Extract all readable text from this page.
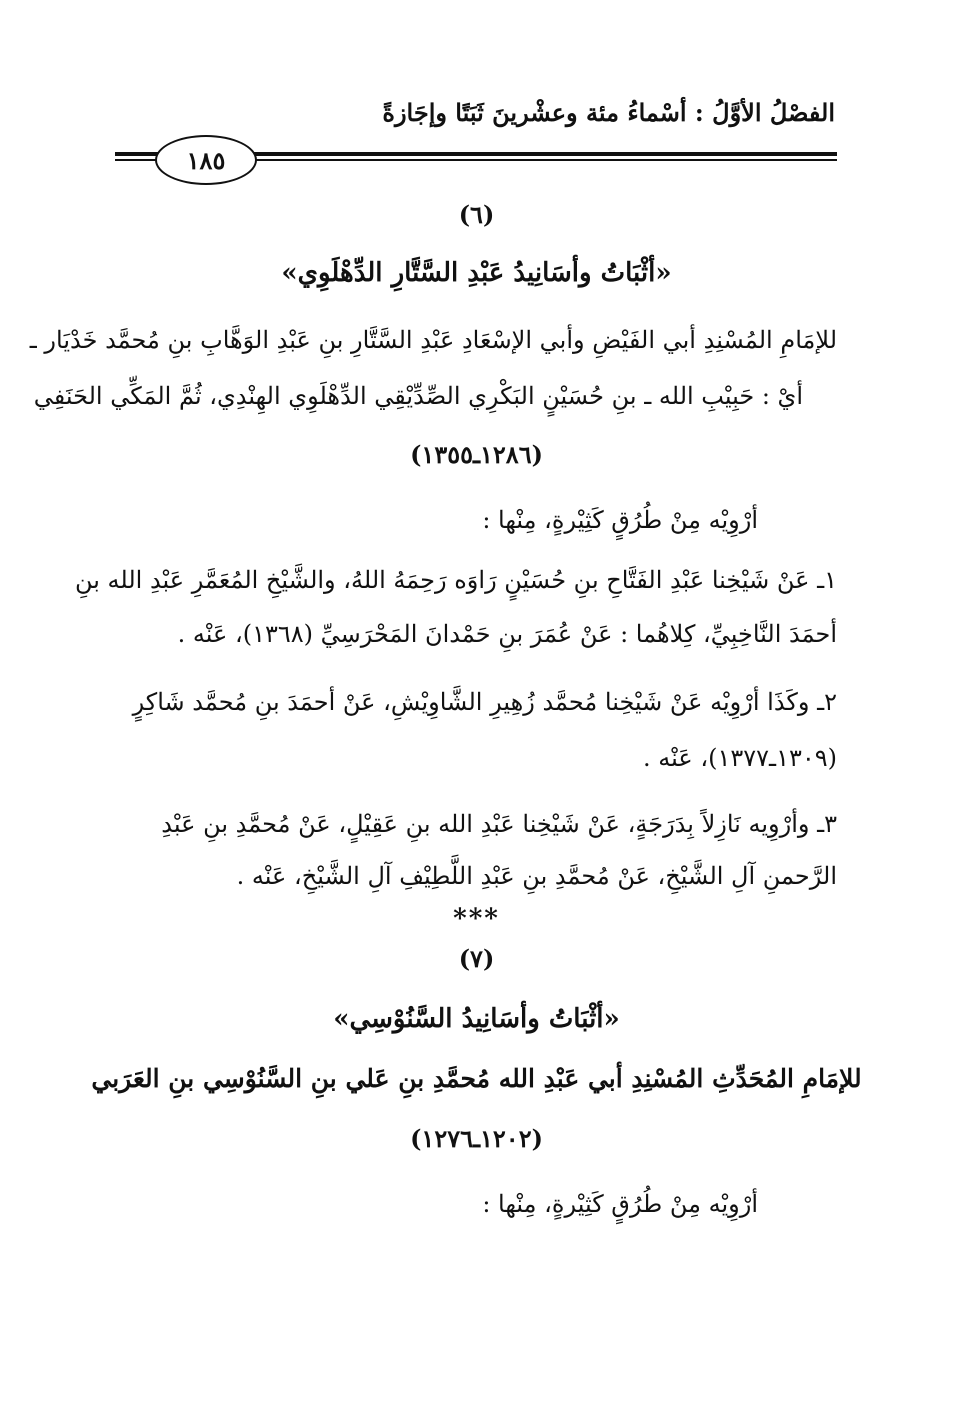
الفصْلُ الأوَّلُ : أسْماءُ مئة وعشْرينَ ثَبَتًا وإجَازةً
١٨٥
(٦)
«أثْبَاتُ وأسَانِيدُ عَبْدِ السَّتَّارِ الدِّهْلَوِي»
للإمَامِ المُسْنِدِ أبي الفَيْضِ وأبي الإسْعَادِ عَبْدِ السَّتَّارِ بنِ عَبْدِ الوَهَّابِ بنِ مُحمَّد خَدْيَار ـ
أيْ : حَبِيْبِ الله ـ بنِ حُسَيْنٍ البَكْرِي الصِّدِّيْقِي الدِّهْلَوِي الهِنْدِي، ثُمَّ المَكِّي الحَنَفِي
(١٢٨٦ـ١٣٥٥)
أرْوِيْه مِنْ طُرُقٍ كَثِيْرةٍ، مِنْها :
١ـ عَنْ شَيْخِنا عَبْدِ الفَتَّاحِ بنِ حُسَيْنٍ رَاوَه رَحِمَهُ اللهُ، والشَّيْخِ المُعَمَّرِ عَبْدِ الله بنِ
أحمَدَ النَّاخِبِيِّ، كِلاهُما : عَنْ عُمَرَ بنِ حَمْدانَ المَحْرَسِيِّ (١٣٦٨)، عَنْه .
٢ـ وكَذَا أرْوِيْه عَنْ شَيْخِنا مُحمَّد زُهِيرِ الشَّاوِيْشِ، عَنْ أحمَدَ بنِ مُحمَّد شَاكِرٍ
(١٣٠٩ـ١٣٧٧)، عَنْه .
٣ـ وأرْوِيه نَازِلاً بِدَرَجَةٍ، عَنْ شَيْخِنا عَبْدِ الله بنِ عَقِيْلٍ، عَنْ مُحمَّدِ بنِ عَبْدِ
الرَّحمنِ آلِ الشَّيْخِ، عَنْ مُحمَّدِ بنِ عَبْدِ اللَّطِيْفِ آلِ الشَّيْخِ، عَنْه .
***
(٧)
«أثْبَاتُ وأسَانِيدُ السَّنُوْسِي»
للإمَامِ المُحَدِّثِ المُسْنِدِ أبي عَبْدِ الله مُحمَّدِ بنِ عَلي بنِ السَّنُوْسِي بنِ العَرَبي
(١٢٠٢ـ١٢٧٦)
أرْوِيْه مِنْ طُرُقٍ كَثِيْرةٍ، مِنْها :
